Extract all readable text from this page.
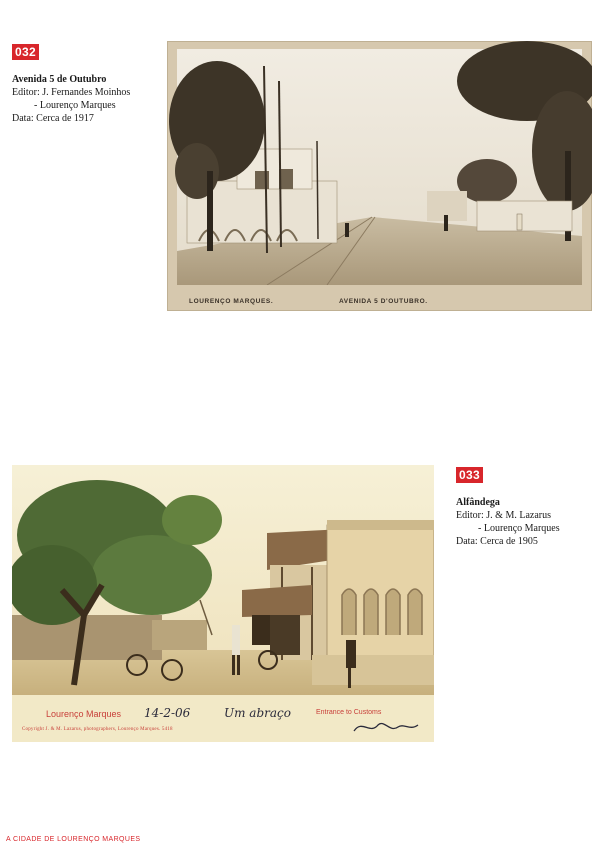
032
Avenida 5 de Outubro
Editor: J. Fernandes Moinhos
- Lourenço Marques
Data: Cerca de 1917
LOURENÇO MARQUES.	AVENIDA 5 D'OUTUBRO.
033
Alfândega
Editor: J. & M. Lazarus
- Lourenço Marques
Data: Cerca de 1905
Lourenço Marques	Entrance to Customs
14-2-06	Um abraço
Copyright J. & M. Lazarus, photographers, Lourenço Marques. 5418
A CIDADE DE LOURENÇO MARQUES
